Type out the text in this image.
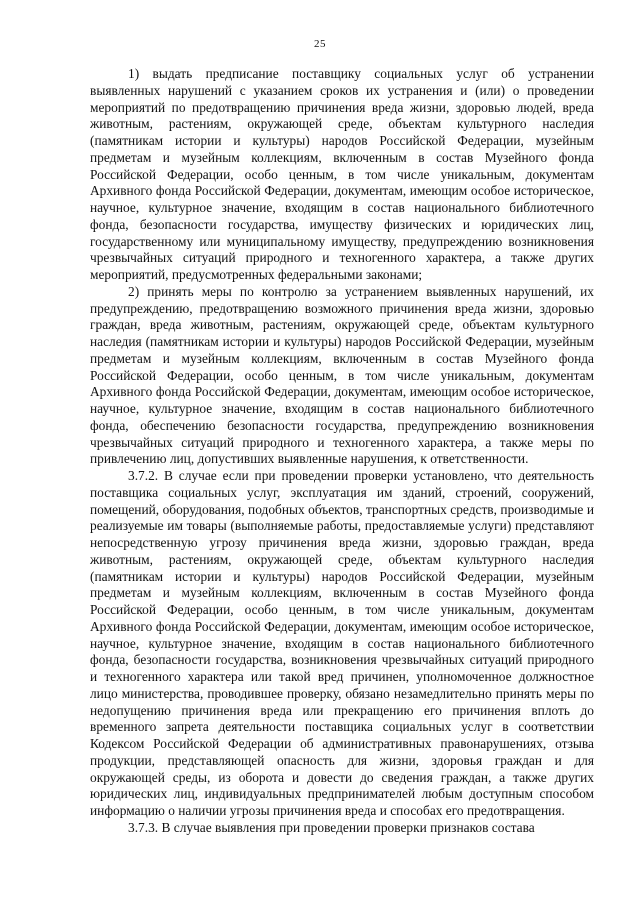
25

1) выдать предписание поставщику социальных услуг об устранении выявленных нарушений с указанием сроков их устранения и (или) о проведении мероприятий по предотвращению причинения вреда жизни, здоровью людей, вреда животным, растениям, окружающей среде, объектам культурного наследия (памятникам истории и культуры) народов Российской Федерации, музейным предметам и музейным коллекциям, включенным в состав Музейного фонда Российской Федерации, особо ценным, в том числе уникальным, документам Архивного фонда Российской Федерации, документам, имеющим особое историческое, научное, культурное значение, входящим в состав национального библиотечного фонда, безопасности государства, имуществу физических и юридических лиц, государственному или муниципальному имуществу, предупреждению возникновения чрезвычайных ситуаций природного и техногенного характера, а также других мероприятий, предусмотренных федеральными законами;

2) принять меры по контролю за устранением выявленных нарушений, их предупреждению, предотвращению возможного причинения вреда жизни, здоровью граждан, вреда животным, растениям, окружающей среде, объектам культурного наследия (памятникам истории и культуры) народов Российской Федерации, музейным предметам и музейным коллекциям, включенным в состав Музейного фонда Российской Федерации, особо ценным, в том числе уникальным, документам Архивного фонда Российской Федерации, документам, имеющим особое историческое, научное, культурное значение, входящим в состав национального библиотечного фонда, обеспечению безопасности государства, предупреждению возникновения чрезвычайных ситуаций природного и техногенного характера, а также меры по привлечению лиц, допустивших выявленные нарушения, к ответственности.

3.7.2. В случае если при проведении проверки установлено, что деятельность поставщика социальных услуг, эксплуатация им зданий, строений, сооружений, помещений, оборудования, подобных объектов, транспортных средств, производимые и реализуемые им товары (выполняемые работы, предоставляемые услуги) представляют непосредственную угрозу причинения вреда жизни, здоровью граждан, вреда животным, растениям, окружающей среде, объектам культурного наследия (памятникам истории и культуры) народов Российской Федерации, музейным предметам и музейным коллекциям, включенным в состав Музейного фонда Российской Федерации, особо ценным, в том числе уникальным, документам Архивного фонда Российской Федерации, документам, имеющим особое историческое, научное, культурное значение, входящим в состав национального библиотечного фонда, безопасности государства, возникновения чрезвычайных ситуаций природного и техногенного характера или такой вред причинен, уполномоченное должностное лицо министерства, проводившее проверку, обязано незамедлительно принять меры по недопущению причинения вреда или прекращению его причинения вплоть до временного запрета деятельности поставщика социальных услуг в соответствии Кодексом Российской Федерации об административных правонарушениях, отзыва продукции, представляющей опасность для жизни, здоровья граждан и для окружающей среды, из оборота и довести до сведения граждан, а также других юридических лиц, индивидуальных предпринимателей любым доступным способом информацию о наличии угрозы причинения вреда и способах его предотвращения.

3.7.3. В случае выявления при проведении проверки признаков состава
